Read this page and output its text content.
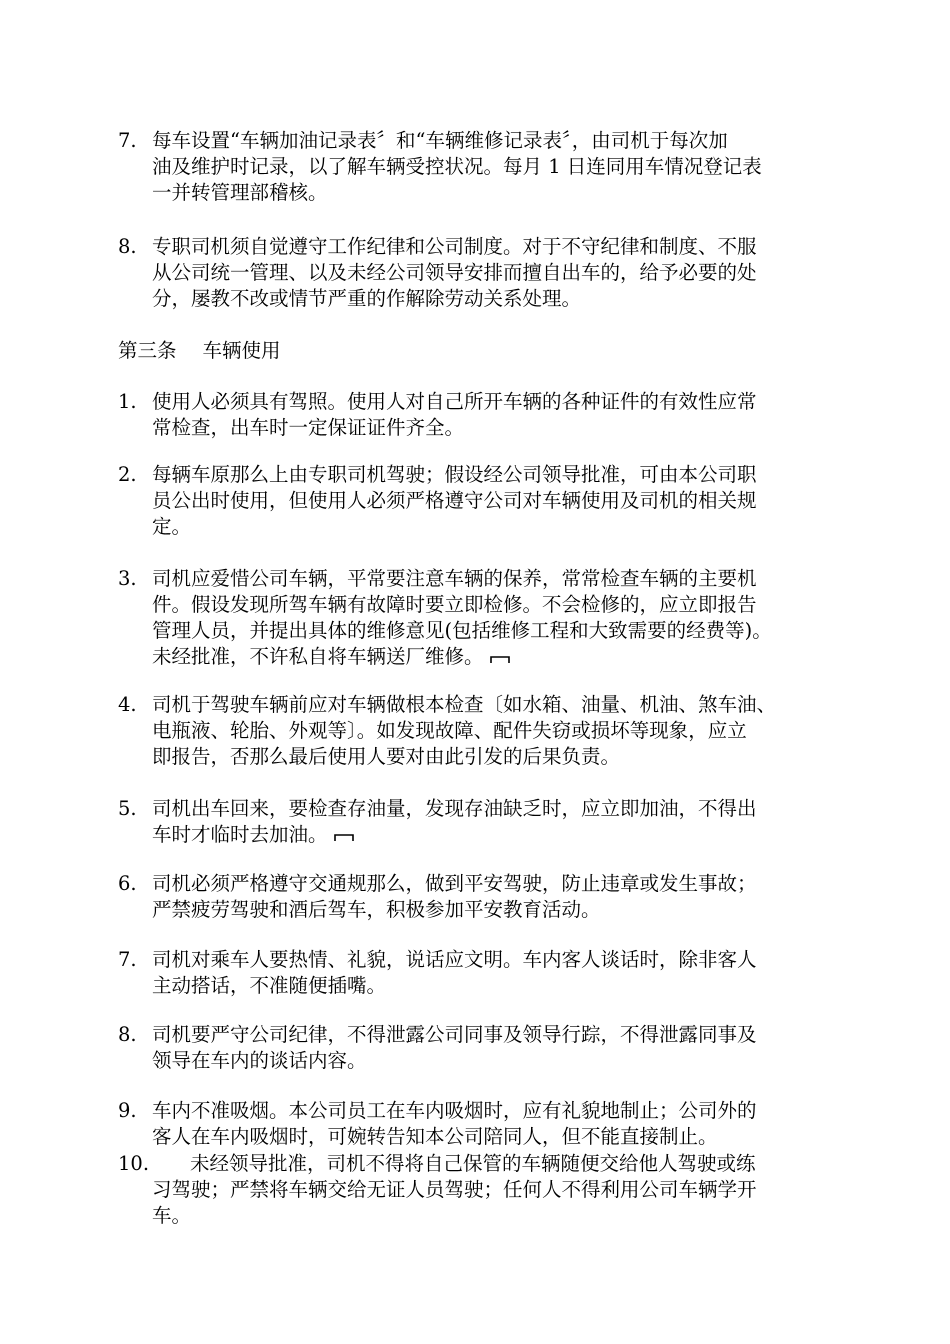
7. 每车设置“车辆加油记录表〞和“车辆维修记录表〞，由司机于每次加
油及维护时记录，以了解车辆受控状况。每月 1 日连同用车情况登记表
一并转管理部稽核。
8. 专职司机须自觉遵守工作纪律和公司制度。对于不守纪律和制度、不服
从公司统一管理、以及未经公司领导安排而擅自出车的，给予必要的处
分，屡教不改或情节严重的作解除劳动关系处理。
第三条 车辆使用
1. 使用人必须具有驾照。使用人对自己所开车辆的各种证件的有效性应常
常检查，出车时一定保证证件齐全。
2. 每辆车原那么上由专职司机驾驶；假设经公司领导批准，可由本公司职
员公出时使用，但使用人必须严格遵守公司对车辆使用及司机的相关规
定。
3. 司机应爱惜公司车辆，平常要注意车辆的保养，常常检查车辆的主要机
件。假设发现所驾车辆有故障时要立即检修。不会检修的，应立即报告
管理人员，并提出具体的维修意见(包括维修工程和大致需要的经费等)。
未经批准，不许私自将车辆送厂维修。
4. 司机于驾驶车辆前应对车辆做根本检查〔如水箱、油量、机油、煞车油、
电瓶液、轮胎、外观等〕。如发现故障、配件失窃或损坏等现象，应立
即报告，否那么最后使用人要对由此引发的后果负责。
5. 司机出车回来，要检查存油量，发现存油缺乏时，应立即加油，不得出
车时才临时去加油。
6. 司机必须严格遵守交通规那么，做到平安驾驶，防止违章或发生事故；
严禁疲劳驾驶和酒后驾车，积极参加平安教育活动。
7. 司机对乘车人要热情、礼貌，说话应文明。车内客人谈话时，除非客人
主动搭话，不准随便插嘴。
8. 司机要严守公司纪律，不得泄露公司同事及领导行踪，不得泄露同事及
领导在车内的谈话内容。
9. 车内不准吸烟。本公司员工在车内吸烟时，应有礼貌地制止；公司外的
客人在车内吸烟时，可婉转告知本公司陪同人，但不能直接制止。
10. 未经领导批准，司机不得将自己保管的车辆随便交给他人驾驶或练
习驾驶；严禁将车辆交给无证人员驾驶；任何人不得利用公司车辆学开
车。
